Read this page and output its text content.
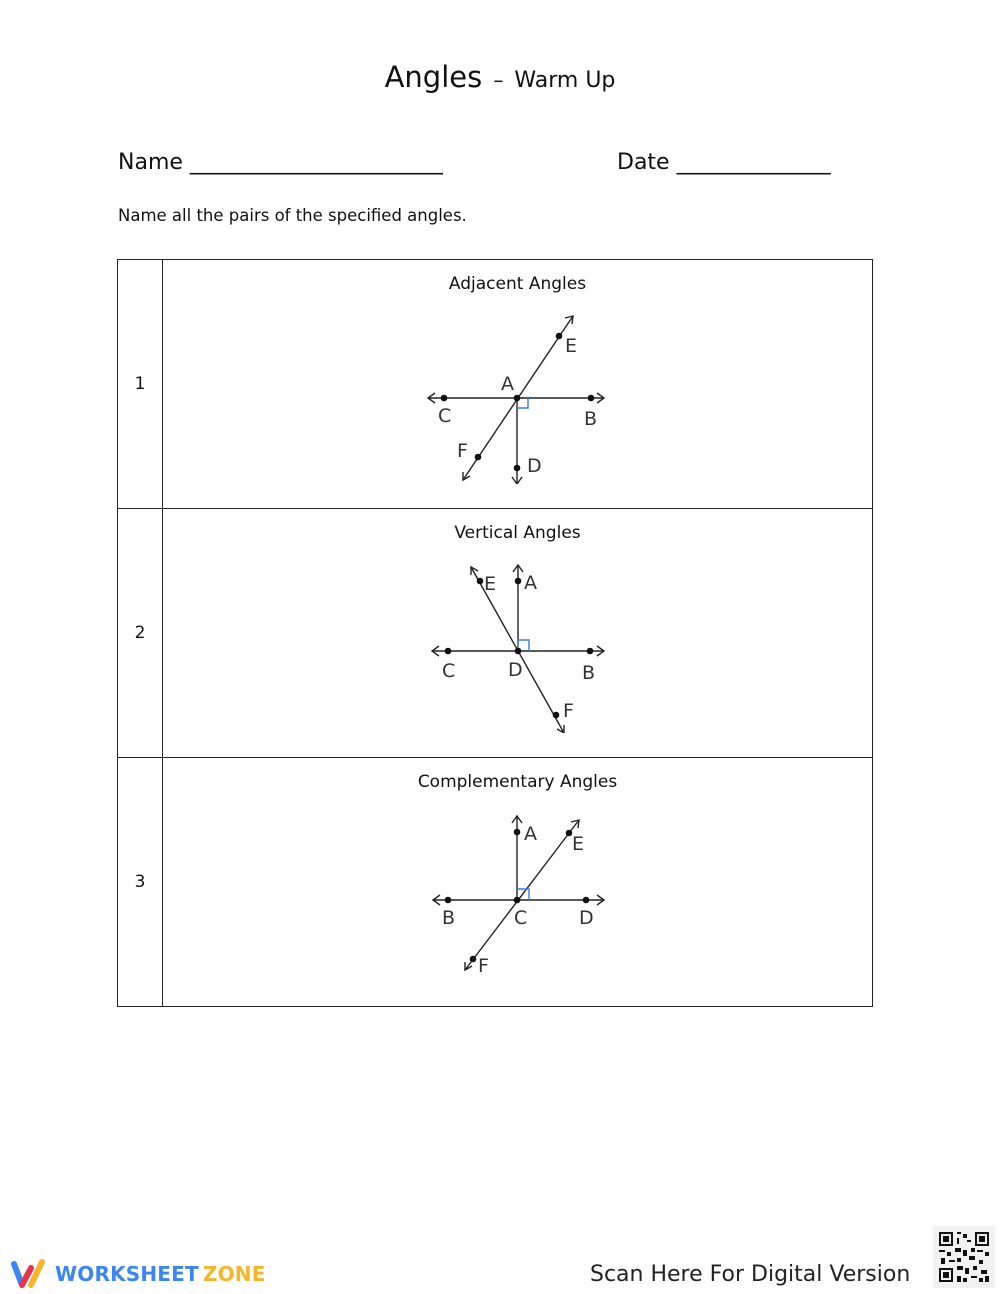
Angles – Warm Up
Name _______________________	Date ______________
Name all the pairs of the specified angles.
1	
Adjacent Angles
A
C	B
E
F
D

2	
Vertical Angles
A
E
C	D	B
F

3	
Complementary Angles
A E
B	C	D
F
WORKSHEET ZONE	Scan Here For Digital Version
